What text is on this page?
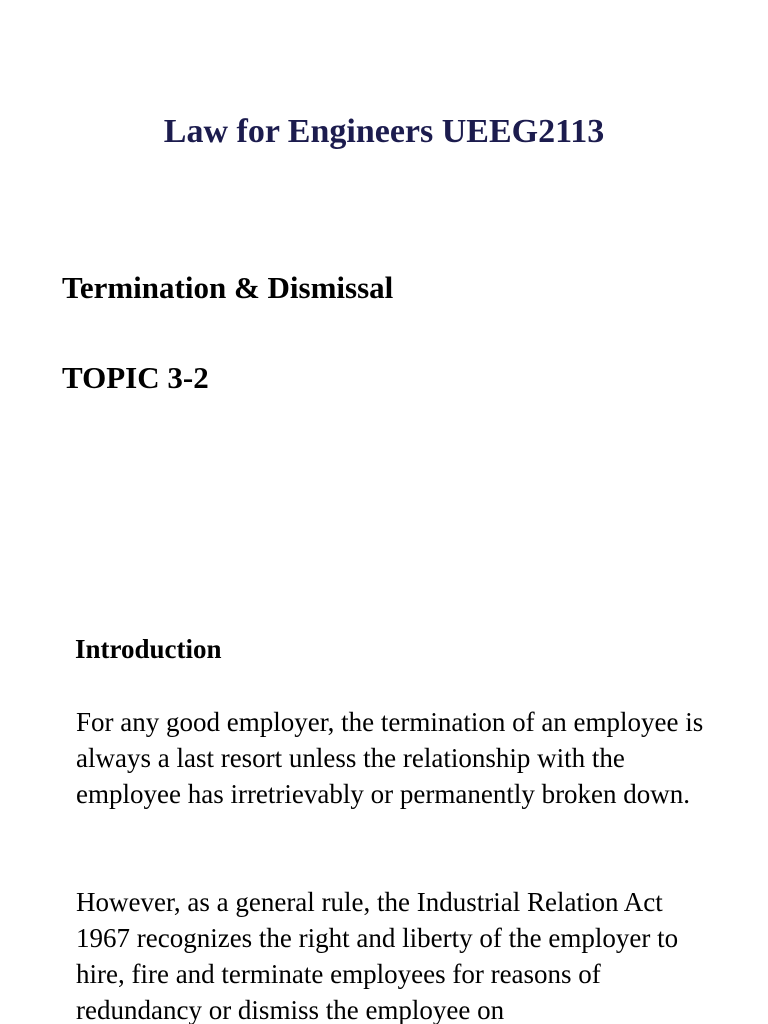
Law for Engineers UEEG2113
Termination & Dismissal
TOPIC 3-2
Introduction

For any good employer, the termination of an employee is always a last resort unless the relationship with the employee has irretrievably or permanently broken down.

However, as a general rule, the Industrial Relation Act 1967 recognizes the right and liberty of the employer to hire, fire and terminate employees for reasons of redundancy or dismiss the employee on
